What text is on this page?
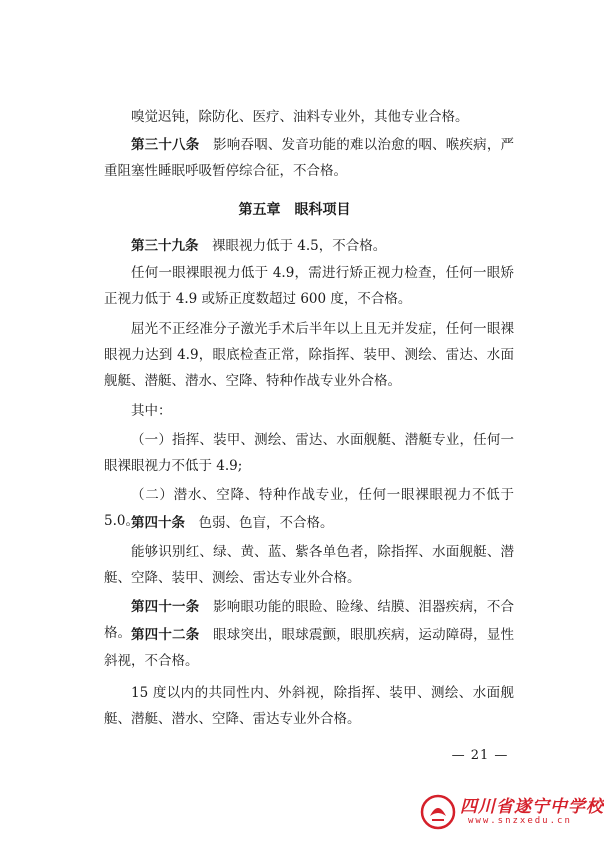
嗅觉迟钝，除防化、医疗、油料专业外，其他专业合格。

第三十八条　影响吞咽、发音功能的难以治愈的咽、喉疾病，严重阻塞性睡眠呼吸暂停综合征，不合格。

第五章　眼科项目

第三十九条　裸眼视力低于 4.5，不合格。

任何一眼裸眼视力低于 4.9，需进行矫正视力检查，任何一眼矫正视力低于 4.9 或矫正度数超过 600 度，不合格。

屈光不正经准分子激光手术后半年以上且无并发症，任何一眼裸眼视力达到 4.9，眼底检查正常，除指挥、装甲、测绘、雷达、水面舰艇、潜艇、潜水、空降、特种作战专业外合格。

其中：

（一）指挥、装甲、测绘、雷达、水面舰艇、潜艇专业，任何一眼裸眼视力不低于 4.9;

（二）潜水、空降、特种作战专业，任何一眼裸眼视力不低于 5.0。

第四十条　色弱、色盲，不合格。

能够识别红、绿、黄、蓝、紫各单色者，除指挥、水面舰艇、潜艇、空降、装甲、测绘、雷达专业外合格。

第四十一条　影响眼功能的眼睑、睑缘、结膜、泪器疾病，不合格。 第四十二条　眼球突出，眼球震颤，眼肌疾病，运动障碍，显性斜视，不合格。

15 度以内的共同性内、外斜视，除指挥、装甲、测绘、水面舰艇、潜艇、潜水、空降、雷达专业外合格。

— 21 —
四川省遂宁中学校
www.snzxedu.cn
